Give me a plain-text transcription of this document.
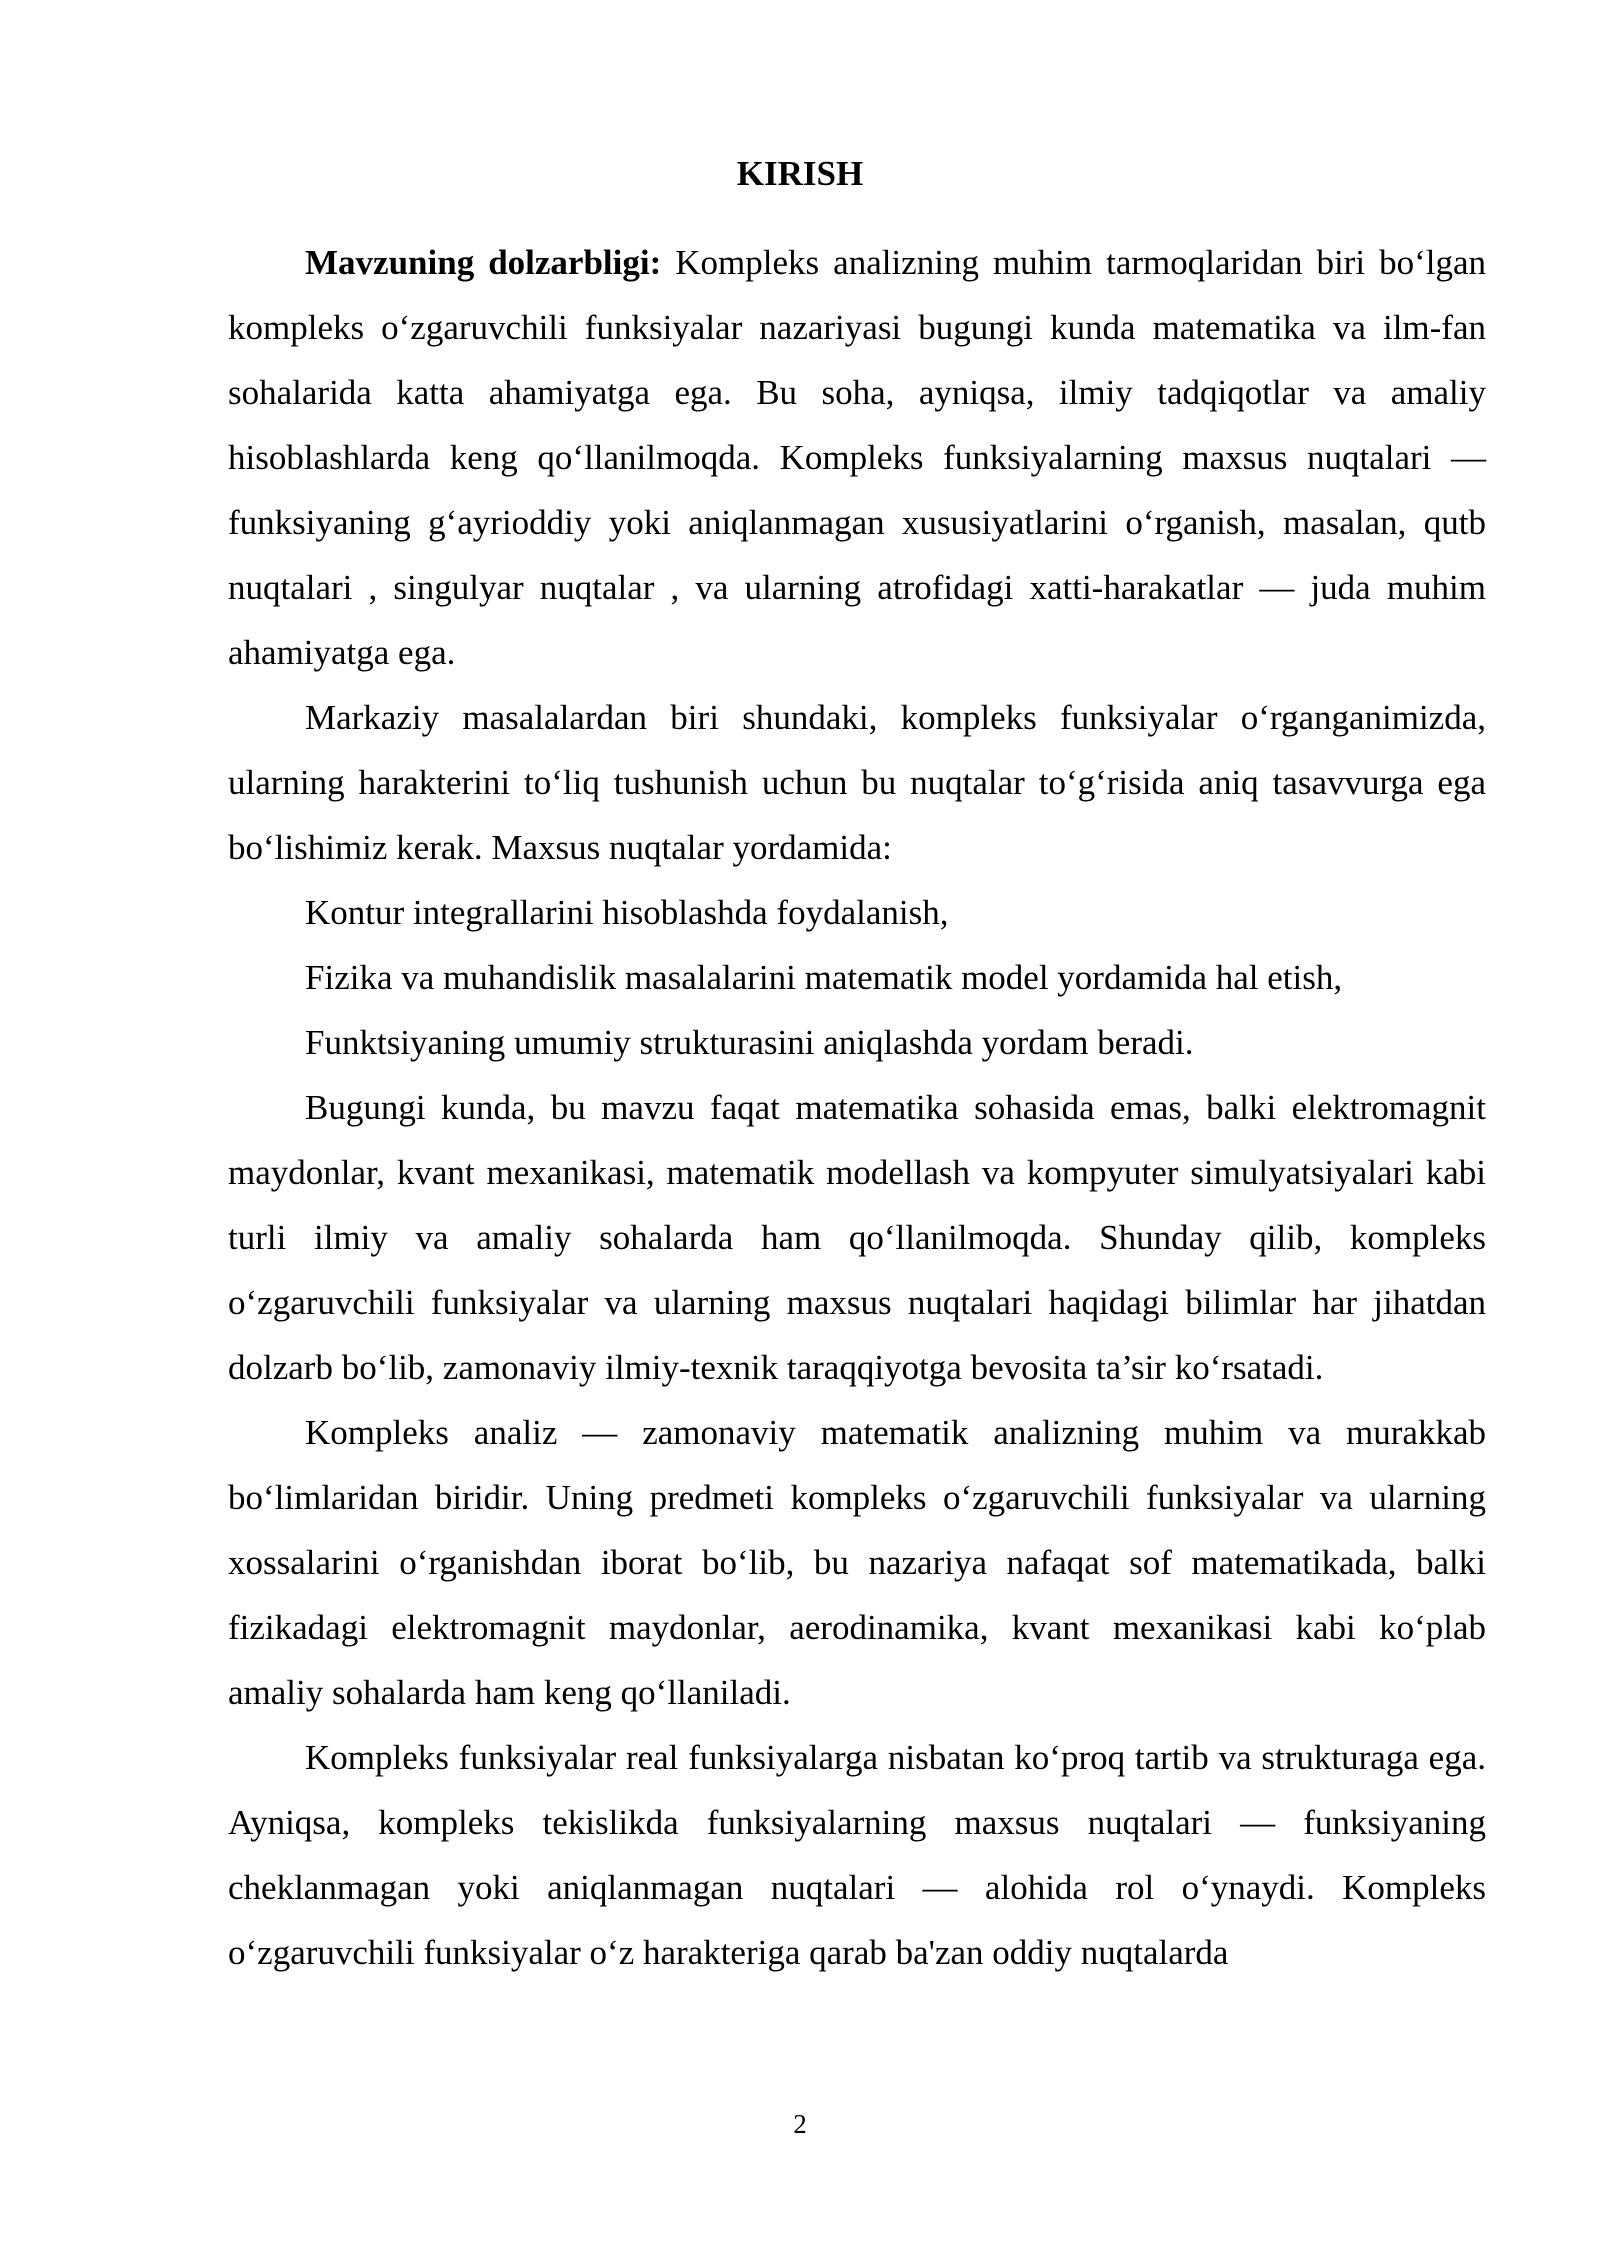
KIRISH

Mavzuning dolzarbligi: Kompleks analizning muhim tarmoqlaridan biri bo‘lgan kompleks o‘zgaruvchili funksiyalar nazariyasi bugungi kunda matematika va ilm-fan sohalarida katta ahamiyatga ega. Bu soha, ayniqsa, ilmiy tadqiqotlar va amaliy hisoblashlarda keng qo‘llanilmoqda. Kompleks funksiyalarning maxsus nuqtalari — funksiyaning g‘ayrioddiy yoki aniqlanmagan xususiyatlarini o‘rganish, masalan, qutb nuqtalari , singulyar nuqtalar , va ularning atrofidagi xatti-harakatlar — juda muhim ahamiyatga ega.

Markaziy masalalardan biri shundaki, kompleks funksiyalar o‘rganganimizda, ularning harakterini to‘liq tushunish uchun bu nuqtalar to‘g‘risida aniq tasavvurga ega bo‘lishimiz kerak. Maxsus nuqtalar yordamida:

Kontur integrallarini hisoblashda foydalanish,

Fizika va muhandislik masalalarini matematik model yordamida hal etish,

Funktsiyaning umumiy strukturasini aniqlashda yordam beradi.

Bugungi kunda, bu mavzu faqat matematika sohasida emas, balki elektromagnit maydonlar, kvant mexanikasi, matematik modellash va kompyuter simulyatsiyalari kabi turli ilmiy va amaliy sohalarda ham qo‘llanilmoqda. Shunday qilib, kompleks o‘zgaruvchili funksiyalar va ularning maxsus nuqtalari haqidagi bilimlar har jihatdan dolzarb bo‘lib, zamonaviy ilmiy-texnik taraqqiyotga bevosita ta’sir ko‘rsatadi.

Kompleks analiz — zamonaviy matematik analizning muhim va murakkab bo‘limlaridan biridir. Uning predmeti kompleks o‘zgaruvchili funksiyalar va ularning xossalarini o‘rganishdan iborat bo‘lib, bu nazariya nafaqat sof matematikada, balki fizikadagi elektromagnit maydonlar, aerodinamika, kvant mexanikasi kabi ko‘plab amaliy sohalarda ham keng qo‘llaniladi.

Kompleks funksiyalar real funksiyalarga nisbatan ko‘proq tartib va strukturaga ega. Ayniqsa, kompleks tekislikda funksiyalarning maxsus nuqtalari — funksiyaning cheklanmagan yoki aniqlanmagan nuqtalari — alohida rol o‘ynaydi. Kompleks o‘zgaruvchili funksiyalar o‘z harakteriga qarab ba'zan oddiy nuqtalarda

2
